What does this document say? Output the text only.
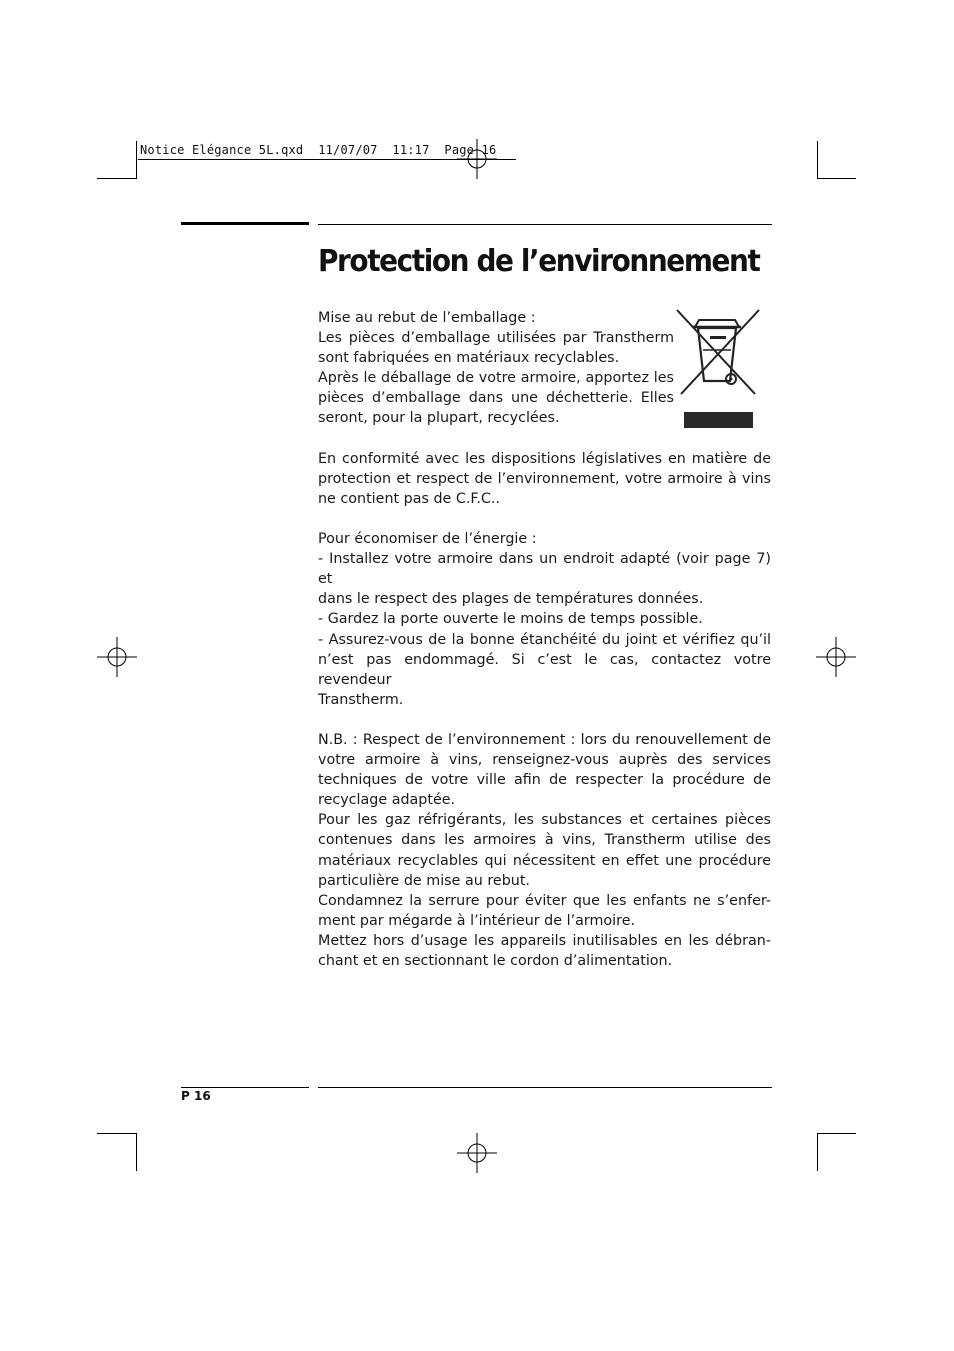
Notice Elégance 5L.qxd  11/07/07  11:17  Page 16
Protection de l’environnement
Mise au rebut de l’emballage :
Les pièces d’emballage utilisées par Transtherm
sont fabriquées en matériaux recyclables.
Après le déballage de votre armoire, apportez les
pièces d’emballage dans une déchetterie. Elles
seront, pour la plupart, recyclées.
En conformité avec les dispositions législatives en matière de
protection et respect de l’environnement, votre armoire à vins
ne contient pas de C.F.C..
Pour économiser de l’énergie :
- Installez votre armoire dans un endroit adapté (voir page 7) et
dans le respect des plages de températures données.
- Gardez la porte ouverte le moins de temps possible.
- Assurez-vous de la bonne étanchéité du joint et vérifiez qu’il
n’est pas endommagé. Si c’est le cas, contactez votre revendeur
Transtherm.
N.B. : Respect de l’environnement : lors du renouvellement de
votre armoire à vins, renseignez-vous auprès des services
techniques de votre ville afin de respecter la procédure de
recyclage adaptée.
Pour les gaz réfrigérants, les substances et certaines pièces
contenues dans les armoires à vins, Transtherm utilise des
matériaux recyclables qui nécessitent en effet une procédure
particulière de mise au rebut.
Condamnez la serrure pour éviter que les enfants ne s’enfer-
ment par mégarde à l’intérieur de l’armoire.
Mettez hors d’usage les appareils inutilisables en les débran-
chant et en sectionnant le cordon d’alimentation.
P 16
